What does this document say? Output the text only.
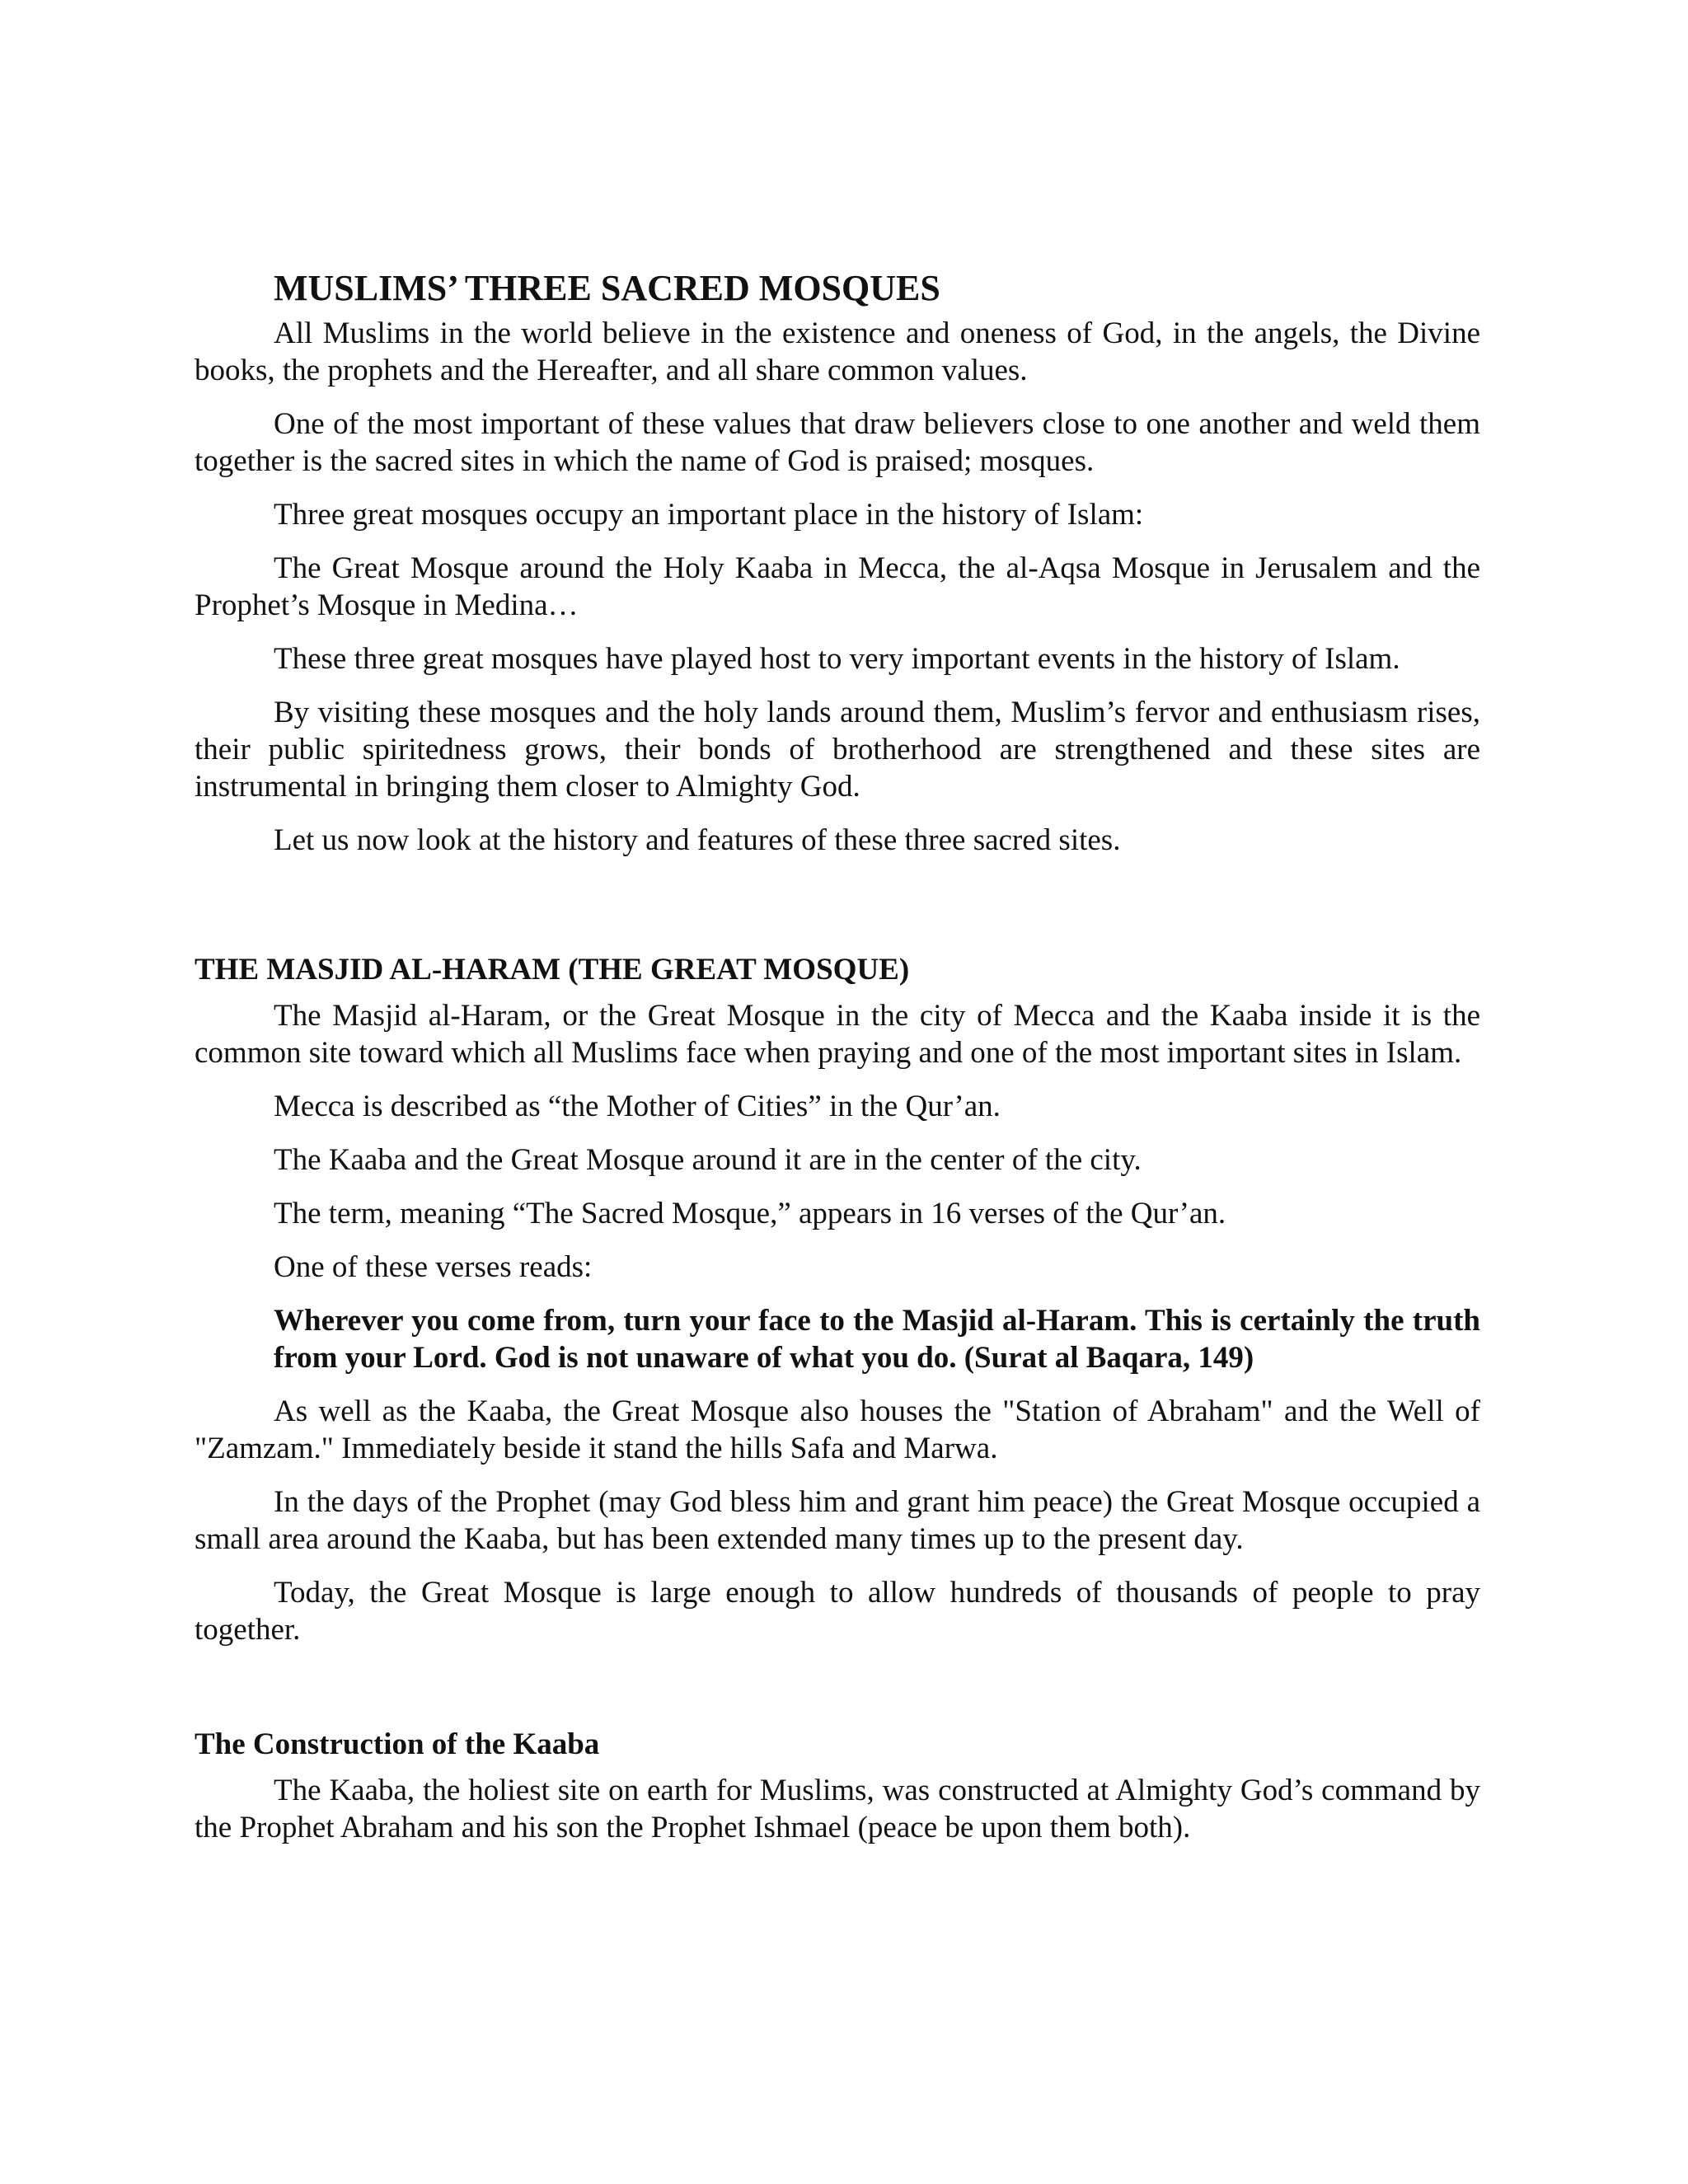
MUSLIMS’ THREE SACRED MOSQUES

All Muslims in the world believe in the existence and oneness of God, in the angels, the Divine books, the prophets and the Hereafter, and all share common values.

One of the most important of these values that draw believers close to one another and weld them together is the sacred sites in which the name of God is praised; mosques.

Three great mosques occupy an important place in the history of Islam:

The Great Mosque around the Holy Kaaba in Mecca, the al-Aqsa Mosque in Jerusalem and the Prophet’s Mosque in Medina…

These three great mosques have played host to very important events in the history of Islam.

By visiting these mosques and the holy lands around them, Muslim’s fervor and enthusiasm rises, their public spiritedness grows, their bonds of brotherhood are strengthened and these sites are instrumental in bringing them closer to Almighty God.

Let us now look at the history and features of these three sacred sites.

THE MASJID AL-HARAM (THE GREAT MOSQUE)

The Masjid al-Haram, or the Great Mosque in the city of Mecca and the Kaaba inside it is the common site toward which all Muslims face when praying and one of the most important sites in Islam.

Mecca is described as “the Mother of Cities” in the Qur’an.

The Kaaba and the Great Mosque around it are in the center of the city.

The term, meaning “The Sacred Mosque,” appears in 16 verses of the Qur’an.

One of these verses reads:

Wherever you come from, turn your face to the Masjid al-Haram. This is certainly the truth from your Lord. God is not unaware of what you do. (Surat al Baqara, 149)

As well as the Kaaba, the Great Mosque also houses the "Station of Abraham" and the Well of "Zamzam." Immediately beside it stand the hills Safa and Marwa.

In the days of the Prophet (may God bless him and grant him peace) the Great Mosque occupied a small area around the Kaaba, but has been extended many times up to the present day.

Today, the Great Mosque is large enough to allow hundreds of thousands of people to pray together.

The Construction of the Kaaba

The Kaaba, the holiest site on earth for Muslims, was constructed at Almighty God’s command by the Prophet Abraham and his son the Prophet Ishmael (peace be upon them both).
